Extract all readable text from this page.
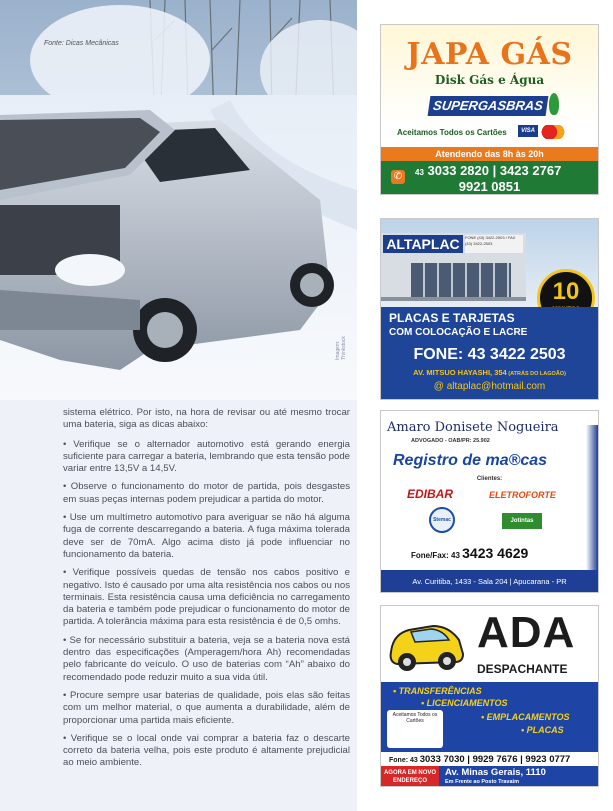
Fonte: Dicas Mecânicas
Imagem: Thinkstock

sistema elétrico. Por isto, na hora de revisar ou até mesmo trocar uma bateria, siga as dicas abaixo:

• Verifique se o alternador automotivo está gerando energia suficiente para carregar a bateria, lembrando que esta tensão pode variar entre 13,5V a 14,5V.

• Observe o funcionamento do motor de partida, pois desgastes em suas peças internas podem prejudicar a partida do motor.

• Use um multímetro automotivo para averiguar se não há alguma fuga de corrente descarregando a bateria. A fuga máxima tolerada deve ser de 70mA. Algo acima disto já pode influenciar no funcionamento da bateria.

• Verifique possíveis quedas de tensão nos cabos positivo e negativo. Isto é causado por uma alta resistência nos cabos ou nos terminais. Esta resistência causa uma deficiência no carregamento da bateria e também pode prejudicar o funcionamento do motor de partida. A tolerância máxima para esta resistência é de 0,5 omhs.

• Se for necessário substituir a bateria, veja se a bateria nova está dentro das especificações (Amperagem/hora Ah) recomendadas pelo fabricante do veículo. O uso de baterias com “Ah” abaixo do recomendado pode reduzir muito a sua vida útil.

• Procure sempre usar baterias de qualidade, pois elas são feitas com um melhor material, o que aumenta a durabilidade, além de proporcionar uma partida mais eficiente.

• Verifique se o local onde vai comprar a bateria faz o descarte correto da bateria velha, pois este produto é altamente prejudicial ao meio ambiente.

JAPA GÁS
Disk Gás e Água
SUPERGASBRAS
Aceitamos Todos os Cartões	VISA
Atendendo das 8h às 20h
✆	43 3033 2820 | 3423 2767
9921 0851
ALTAPLAC	FONE (43) 3422-2503 / FAX (43) 3422-2503
10
PLACAS E TARJETAS
COM COLOCAÇÃO E LACRE
FONE: 43 3422 2503
AV. MITSUO HAYASHI, 354 (ATRÁS DO LAGOÃO)
@ altaplac@hotmail.com
Amaro Donisete Nogueira
ADVOGADO - OAB/PR: 25.902
Registro de ma®cas
Clientes:
EDIBAR	ELETROFORTE
Stemac	Jotintas
Fone/Fax: 43 3423 4629
Av. Curitiba, 1433 - Sala 204 | Apucarana - PR
ADA
DESPACHANTE
• TRANSFERÊNCIAS
• LICENCIAMENTOS
Aceitamos Todos os Cartões	• EMPLACAMENTOS
• PLACAS
Fone: 43 3033 7030 | 9929 7676 | 9923 0777
AGORA EM NOVO ENDEREÇO
Av. Minas Gerais, 1110
Em Frente ao Posto Travaim
